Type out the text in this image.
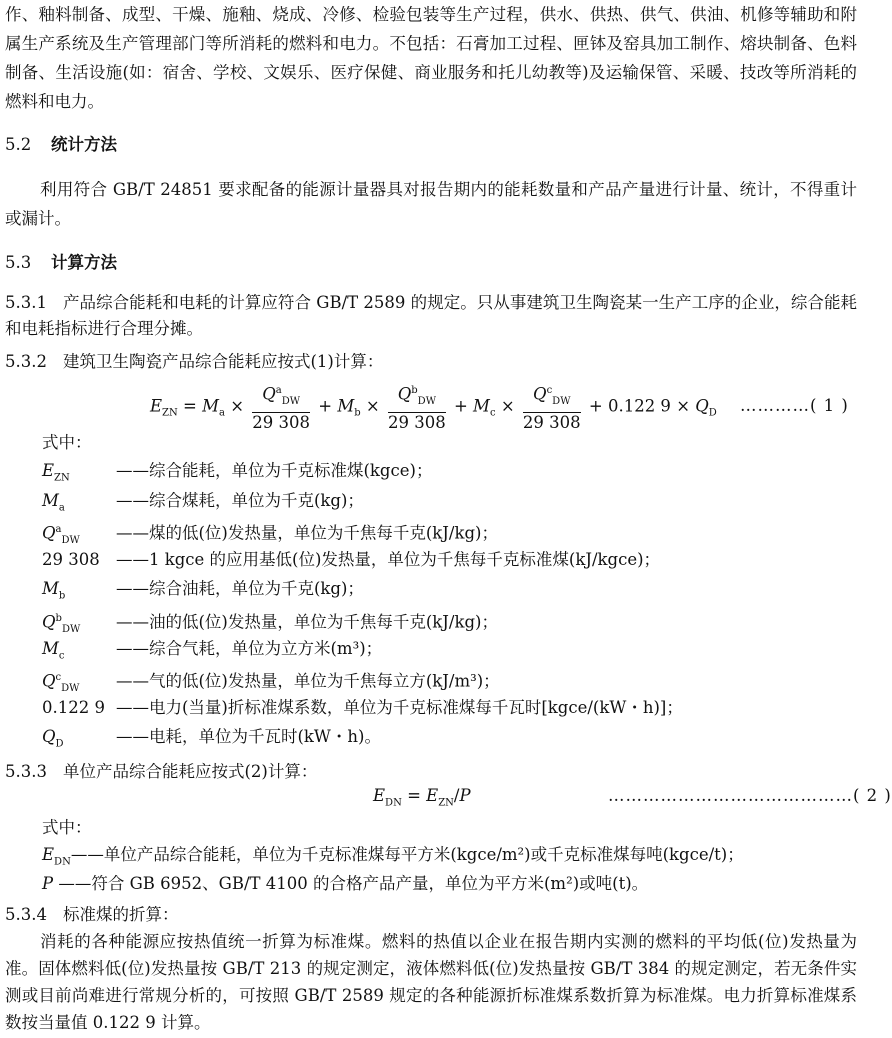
作、釉料制备、成型、干燥、施釉、烧成、冷修、检验包装等生产过程，供水、供热、供气、供油、机修等辅助和附属生产系统及生产管理部门等所消耗的燃料和电力。不包括：石膏加工过程、匣钵及窑具加工制作、熔块制备、色料制备、生活设施(如：宿舍、学校、文娱乐、医疗保健、商业服务和托儿幼教等)及运输保管、采暖、技改等所消耗的燃料和电力。

5.2 统计方法

利用符合 GB/T 24851 要求配备的能源计量器具对报告期内的能耗数量和产品产量进行计量、统计，不得重计或漏计。

5.3 计算方法

5.3.1 产品综合能耗和电耗的计算应符合 GB/T 2589 的规定。只从事建筑卫生陶瓷某一生产工序的企业，综合能耗和电耗指标进行合理分摊。

5.3.2 建筑卫生陶瓷产品综合能耗应按式(1)计算：

$E_{ZN} = M_a \times \frac{Q^a_{DW}}{29 308} + M_b \times \frac{Q^b_{DW}}{29 308} + M_c \times \frac{Q^c_{DW}}{29 308} + 0.122$ $9 \times Q_D$ …………( 1 )
式中：
$E_{ZN}$	——综合能耗，单位为千克标准煤(kgce)；
$M_a$	——综合煤耗，单位为千克(kg)；
$Q^a_{DW}$ ——煤的低(位)发热量，单位为千焦每千克(kJ/kg)；
29 308 ——1 kgce 的应用基低(位)发热量，单位为千焦每千克标准煤(kJ/kgce)；
$M_b$	——综合油耗，单位为千克(kg)；
$Q^b_{DW}$ ——油的低(位)发热量，单位为千焦每千克(kJ/kg)；
$M_c$	——综合气耗，单位为立方米(m³)；
$Q^c_{DW}$ ——气的低(位)发热量，单位为千焦每立方(kJ/m³)；
0.122 9 ——电力(当量)折标准煤系数，单位为千克标准煤每千瓦时[kgce/(kW・h)]；
$Q_D$	——电耗，单位为千瓦时(kW・h)。

5.3.3 单位产品综合能耗应按式(2)计算：

$E_{DN} = E_{ZN}/P$	……………………………………( 2 )
式中：
$E_{DN}——$单位产品综合能耗，单位为千克标准煤每平方米(kgce/m²)或千克标准煤每吨(kgce/t)；
P ——符合 GB 6952、GB/T 4100 的合格产品产量，单位为平方米(m²)或吨(t)。

5.3.4 标准煤的折算：

消耗的各种能源应按热值统一折算为标准煤。燃料的热值以企业在报告期内实测的燃料的平均低(位)发热量为准。固体燃料低(位)发热量按 GB/T 213 的规定测定，液体燃料低(位)发热量按 GB/T 384 的规定测定，若无条件实测或目前尚难进行常规分析的，可按照 GB/T 2589 规定的各种能源折标准煤系数折算为标准煤。电力折算标准煤系数按当量值 0.122 9 计算。
